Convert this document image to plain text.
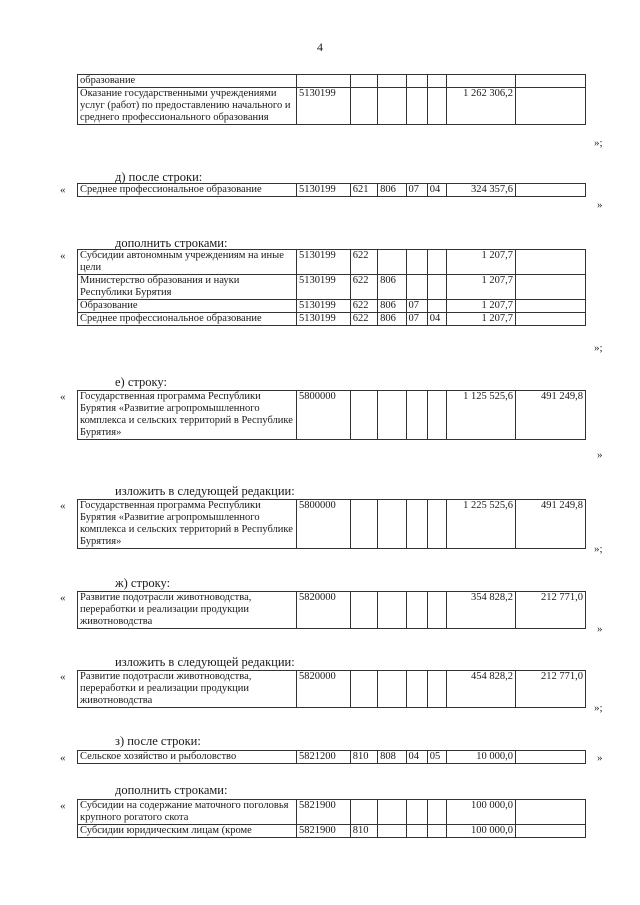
4
образование							
Оказание государственными учреждениями услуг (работ) по предоставлению начального и среднего профессионального образования	5130199					1 262 306,2	
»;
д) после строки:
« Среднее профессиональное образование	5130199	621	806	07	04	324 357,6	
»
дополнить строками:
« Субсидии автономным учреждениям на иные цели	5130199	622				1 207,7	
Министерство образования и науки Республики Бурятия	5130199	622	806			1 207,7	
Образование	5130199	622	806	07		1 207,7	
Среднее профессиональное образование	5130199	622	806	07	04	1 207,7	
»;
е) строку:
« Государственная программа Республики Бурятия «Развитие агропромышленного комплекса и сельских территорий в Республике Бурятия»	5800000					1 125 525,6	491 249,8
»
изложить в следующей редакции:
« Государственная программа Республики Бурятия «Развитие агропромышленного комплекса и сельских территорий в Республике Бурятия»	5800000					1 225 525,6	491 249,8
»;
ж) строку:
« Развитие подотрасли животноводства, переработки и реализации продукции животноводства	5820000					354 828,2	212 771,0
»
изложить в следующей редакции:
« Развитие подотрасли животноводства, переработки и реализации продукции животноводства	5820000					454 828,2	212 771,0
»;
з) после строки:
« Сельское хозяйство и рыболовство	5821200	810	808	04	05	10 000,0		»
дополнить строками:
« Субсидии на содержание маточного поголовья крупного рогатого скота	5821900					100 000,0	
Субсидии юридическим лицам (кроме	5821900	810				100 000,0	
